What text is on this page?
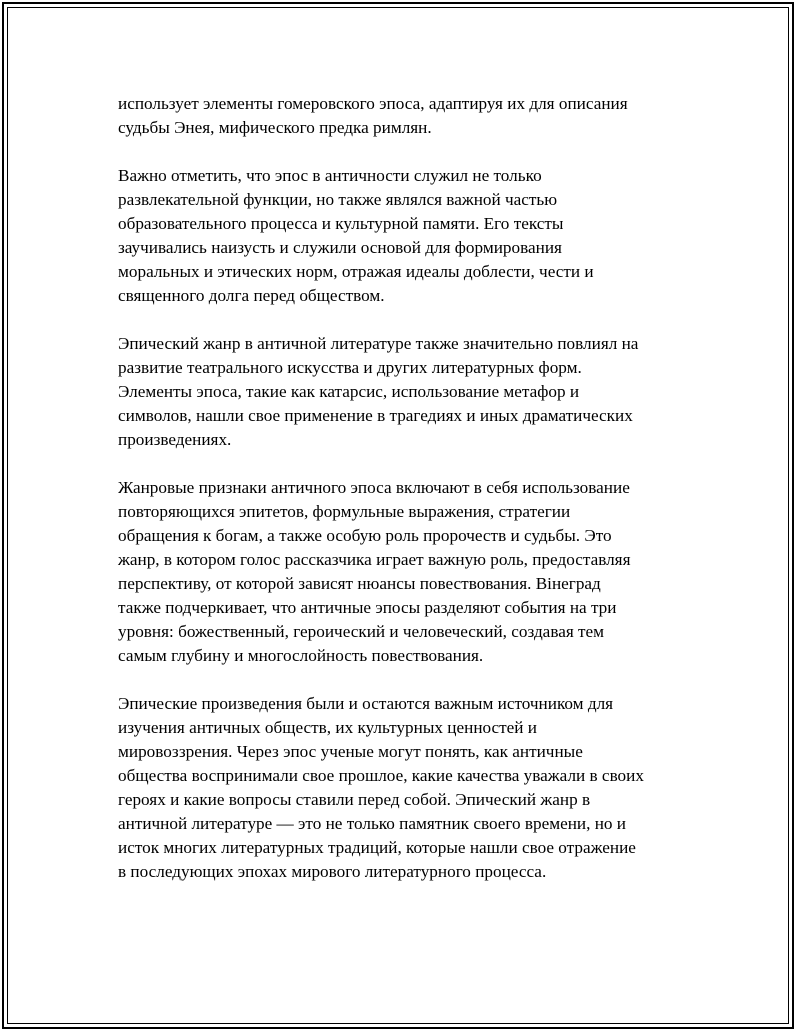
использует элементы гомеровского эпоса, адаптируя их для описания
судьбы Энея, мифического предка римлян.

Важно отметить, что эпос в античности служил не только
развлекательной функции, но также являлся важной частью
образовательного процесса и культурной памяти. Его тексты
заучивались наизусть и служили основой для формирования
моральных и этических норм, отражая идеалы доблести, чести и
священного долга перед обществом.

Эпический жанр в античной литературе также значительно повлиял на
развитие театрального искусства и других литературных форм.
Элементы эпоса, такие как катарсис, использование метафор и
символов, нашли свое применение в трагедиях и иных драматических
произведениях.

Жанровые признаки античного эпоса включают в себя использование
повторяющихся эпитетов, формульные выражения, стратегии
обращения к богам, а также особую роль пророчеств и судьбы. Это
жанр, в котором голос рассказчика играет важную роль, предоставляя
перспективу, от которой зависят нюансы повествования. Вінеград
также подчеркивает, что античные эпосы разделяют события на три
уровня: божественный, героический и человеческий, создавая тем
самым глубину и многослойность повествования.

Эпические произведения были и остаются важным источником для
изучения античных обществ, их культурных ценностей и
мировоззрения. Через эпос ученые могут понять, как античные
общества воспринимали свое прошлое, какие качества уважали в своих
героях и какие вопросы ставили перед собой. Эпический жанр в
античной литературе — это не только памятник своего времени, но и
исток многих литературных традиций, которые нашли свое отражение
в последующих эпохах мирового литературного процесса.
